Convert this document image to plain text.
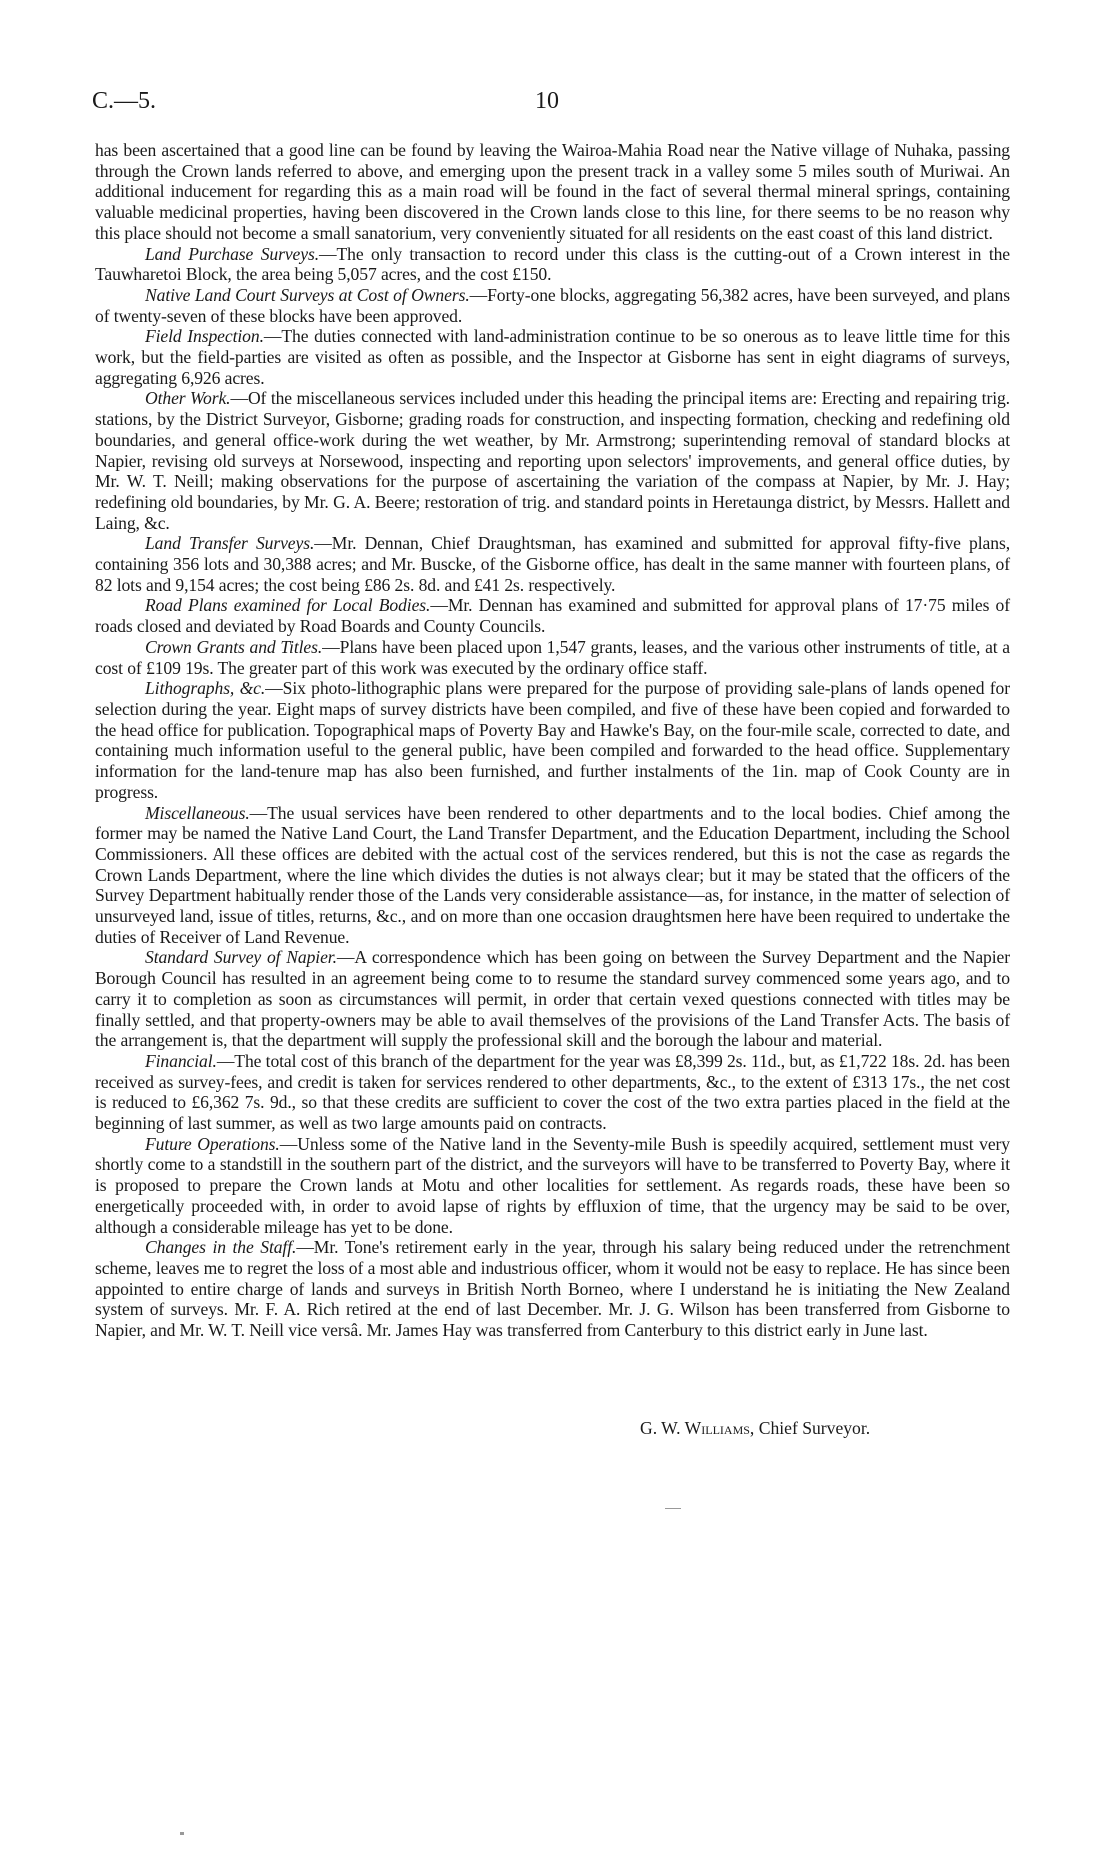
C.—5.	10

has been ascertained that a good line can be found by leaving the Wairoa-Mahia Road near the Native village of Nuhaka, passing through the Crown lands referred to above, and emerging upon the present track in a valley some 5 miles south of Muriwai. An additional inducement for regarding this as a main road will be found in the fact of several thermal mineral springs, containing valuable medicinal properties, having been discovered in the Crown lands close to this line, for there seems to be no reason why this place should not become a small sanatorium, very conveniently situated for all residents on the east coast of this land district.

Land Purchase Surveys.—The only transaction to record under this class is the cutting-out of a Crown interest in the Tauwharetoi Block, the area being 5,057 acres, and the cost £150.

Native Land Court Surveys at Cost of Owners.—Forty-one blocks, aggregating 56,382 acres, have been surveyed, and plans of twenty-seven of these blocks have been approved.

Field Inspection.—The duties connected with land-administration continue to be so onerous as to leave little time for this work, but the field-parties are visited as often as possible, and the Inspector at Gisborne has sent in eight diagrams of surveys, aggregating 6,926 acres.

Other Work.—Of the miscellaneous services included under this heading the principal items are: Erecting and repairing trig. stations, by the District Surveyor, Gisborne; grading roads for construction, and inspecting formation, checking and redefining old boundaries, and general office-work during the wet weather, by Mr. Armstrong; superintending removal of standard blocks at Napier, revising old surveys at Norsewood, inspecting and reporting upon selectors' improvements, and general office duties, by Mr. W. T. Neill; making observations for the purpose of ascertaining the variation of the compass at Napier, by Mr. J. Hay; redefining old boundaries, by Mr. G. A. Beere; restoration of trig. and standard points in Heretaunga district, by Messrs. Hallett and Laing, &c.

Land Transfer Surveys.—Mr. Dennan, Chief Draughtsman, has examined and submitted for approval fifty-five plans, containing 356 lots and 30,388 acres; and Mr. Buscke, of the Gisborne office, has dealt in the same manner with fourteen plans, of 82 lots and 9,154 acres; the cost being £86 2s. 8d. and £41 2s. respectively.

Road Plans examined for Local Bodies.—Mr. Dennan has examined and submitted for approval plans of 17·75 miles of roads closed and deviated by Road Boards and County Councils.

Crown Grants and Titles.—Plans have been placed upon 1,547 grants, leases, and the various other instruments of title, at a cost of £109 19s. The greater part of this work was executed by the ordinary office staff.

Lithographs, &c.—Six photo-lithographic plans were prepared for the purpose of providing sale-plans of lands opened for selection during the year. Eight maps of survey districts have been compiled, and five of these have been copied and forwarded to the head office for publication. Topographical maps of Poverty Bay and Hawke's Bay, on the four-mile scale, corrected to date, and containing much information useful to the general public, have been compiled and forwarded to the head office. Supplementary information for the land-tenure map has also been furnished, and further instalments of the 1in. map of Cook County are in progress.

Miscellaneous.—The usual services have been rendered to other departments and to the local bodies. Chief among the former may be named the Native Land Court, the Land Transfer Department, and the Education Department, including the School Commissioners. All these offices are debited with the actual cost of the services rendered, but this is not the case as regards the Crown Lands Department, where the line which divides the duties is not always clear; but it may be stated that the officers of the Survey Department habitually render those of the Lands very considerable assistance—as, for instance, in the matter of selection of unsurveyed land, issue of titles, returns, &c., and on more than one occasion draughtsmen here have been required to undertake the duties of Receiver of Land Revenue.

Standard Survey of Napier.—A correspondence which has been going on between the Survey Department and the Napier Borough Council has resulted in an agreement being come to to resume the standard survey commenced some years ago, and to carry it to completion as soon as circumstances will permit, in order that certain vexed questions connected with titles may be finally settled, and that property-owners may be able to avail themselves of the provisions of the Land Transfer Acts. The basis of the arrangement is, that the department will supply the professional skill and the borough the labour and material.

Financial.—The total cost of this branch of the department for the year was £8,399 2s. 11d., but, as £1,722 18s. 2d. has been received as survey-fees, and credit is taken for services rendered to other departments, &c., to the extent of £313 17s., the net cost is reduced to £6,362 7s. 9d., so that these credits are sufficient to cover the cost of the two extra parties placed in the field at the beginning of last summer, as well as two large amounts paid on contracts.

Future Operations.—Unless some of the Native land in the Seventy-mile Bush is speedily acquired, settlement must very shortly come to a standstill in the southern part of the district, and the surveyors will have to be transferred to Poverty Bay, where it is proposed to prepare the Crown lands at Motu and other localities for settlement. As regards roads, these have been so energetically proceeded with, in order to avoid lapse of rights by effluxion of time, that the urgency may be said to be over, although a considerable mileage has yet to be done.

Changes in the Staff.—Mr. Tone's retirement early in the year, through his salary being reduced under the retrenchment scheme, leaves me to regret the loss of a most able and industrious officer, whom it would not be easy to replace. He has since been appointed to entire charge of lands and surveys in British North Borneo, where I understand he is initiating the New Zealand system of surveys. Mr. F. A. Rich retired at the end of last December. Mr. J. G. Wilson has been transferred from Gisborne to Napier, and Mr. W. T. Neill vice versâ. Mr. James Hay was transferred from Canterbury to this district early in June last.

G. W. Williams, Chief Surveyor.
